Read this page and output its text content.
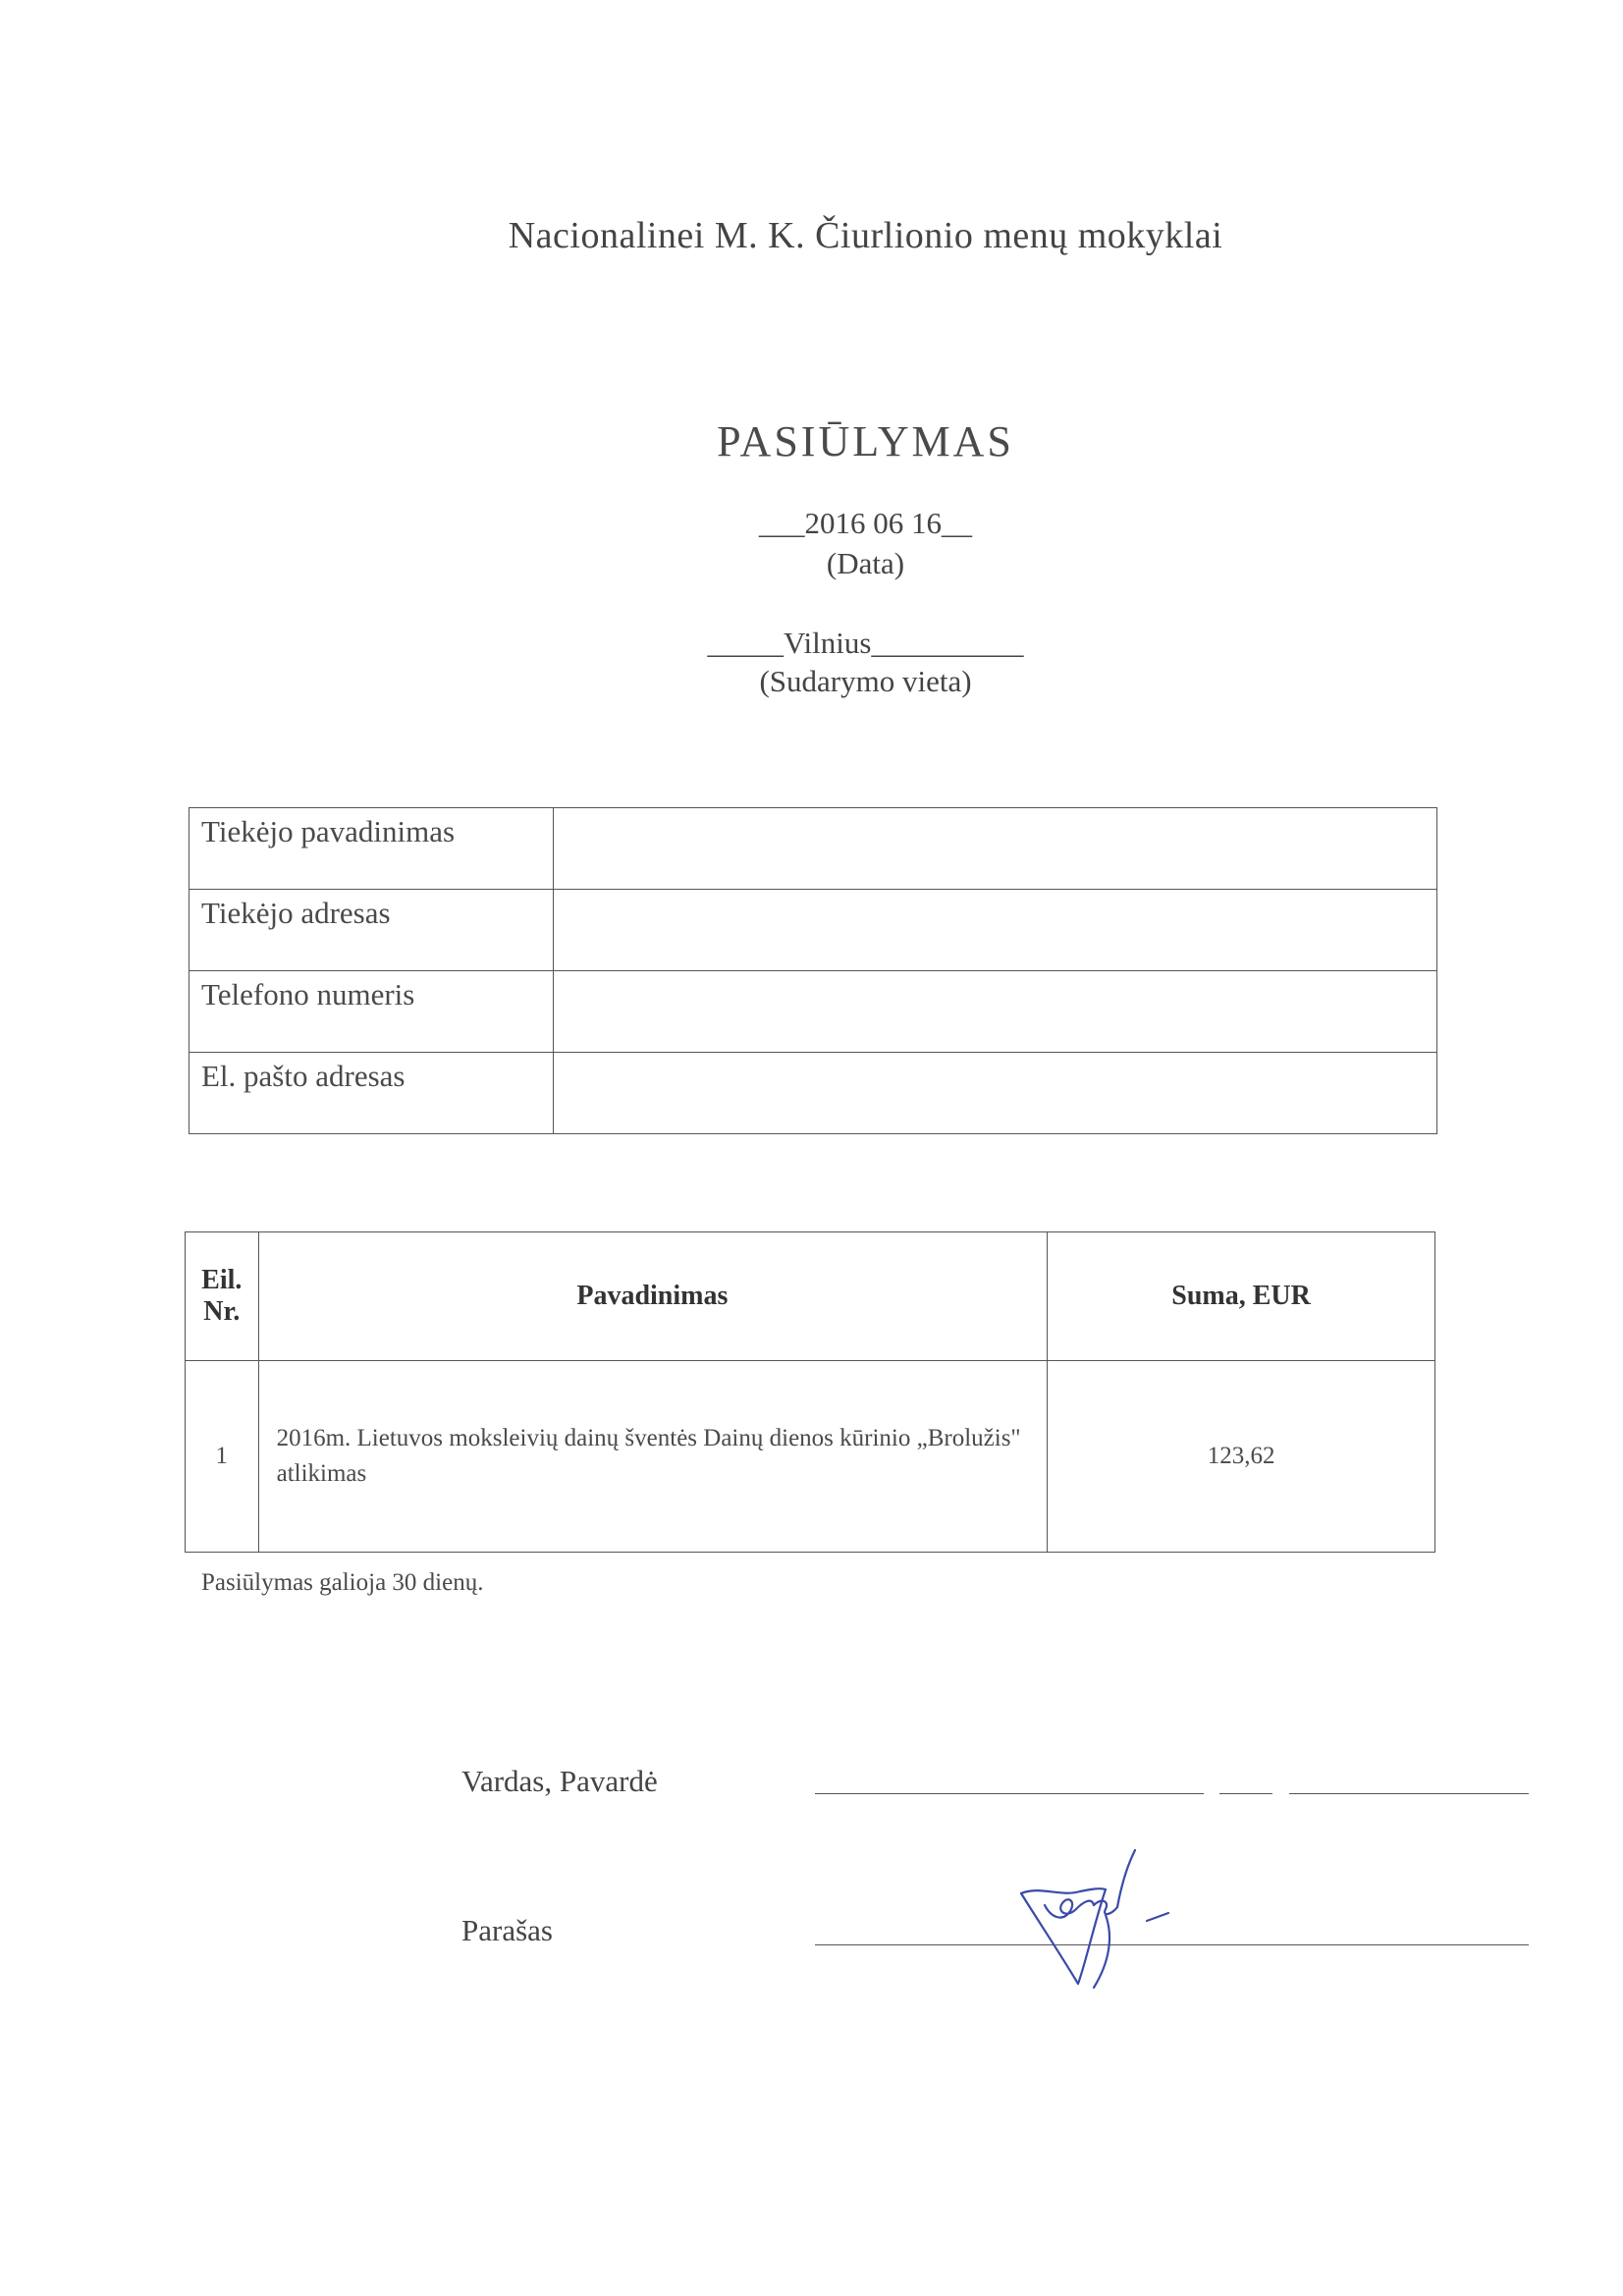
Nacionalinei M. K. Čiurlionio menų mokyklai
PASIŪLYMAS
___2016 06 16__
(Data)
_____Vilnius__________
(Sudarymo vieta)
Tiekėjo pavadinimas	
Tiekėjo adresas	
Telefono numeris	
El. pašto adresas	
Eil. Nr.	Pavadinimas	Suma, EUR
1	2016m. Lietuvos moksleivių dainų šventės Dainų dienos kūrinio „Brolužis" atlikimas	123,62
Pasiūlymas galioja 30 dienų.
Vardas, Pavardė
Parašas
